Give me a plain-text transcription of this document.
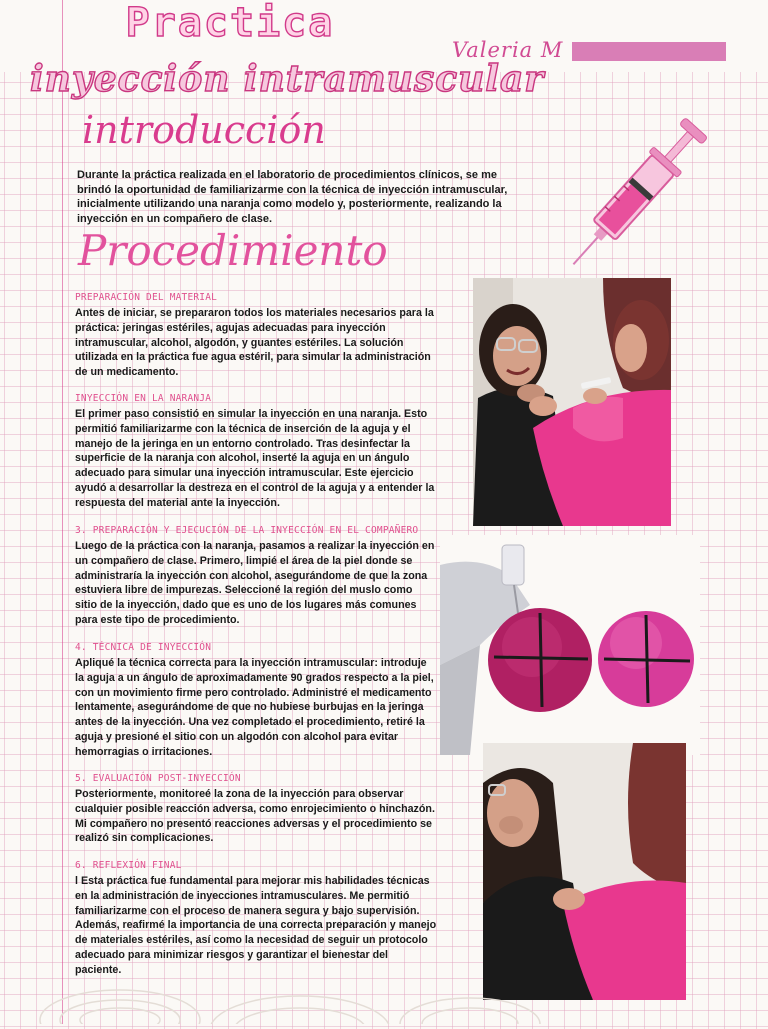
Practica
inyección intramuscular
Valeria M
introducción

Durante la práctica realizada en el laboratorio de procedimientos clínicos, se me brindó la oportunidad de familiarizarme con la técnica de inyección intramuscular, inicialmente utilizando una naranja como modelo y, posteriormente, realizando la inyección en un compañero de clase.

Procedimiento
PREPARACIÓN DEL MATERIAL

Antes de iniciar, se prepararon todos los materiales necesarios para la práctica: jeringas estériles, agujas adecuadas para inyección intramuscular, alcohol, algodón, y guantes estériles. La solución utilizada en la práctica fue agua estéril, para simular la administración de un medicamento.

INYECCIÓN EN LA NARANJA

El primer paso consistió en simular la inyección en una naranja. Esto permitió familiarizarme con la técnica de inserción de la aguja y el manejo de la jeringa en un entorno controlado. Tras desinfectar la superficie de la naranja con alcohol, inserté la aguja en un ángulo adecuado para simular una inyección intramuscular. Este ejercicio ayudó a desarrollar la destreza en el control de la aguja y a entender la respuesta del material ante la inyección.

3. PREPARACIÓN Y EJECUCIÓN DE LA INYECCIÓN EN EL COMPAÑERO

Luego de la práctica con la naranja, pasamos a realizar la inyección en un compañero de clase. Primero, limpié el área de la piel donde se administraría la inyección con alcohol, asegurándome de que la zona estuviera libre de impurezas. Seleccioné la región del muslo como sitio de la inyección, dado que es uno de los lugares más comunes para este tipo de procedimiento.

4. TÉCNICA DE INYECCIÓN

Apliqué la técnica correcta para la inyección intramuscular: introduje la aguja a un ángulo de aproximadamente 90 grados respecto a la piel, con un movimiento firme pero controlado. Administré el medicamento lentamente, asegurándome de que no hubiese burbujas en la jeringa antes de la inyección. Una vez completado el procedimiento, retiré la aguja y presioné el sitio con un algodón con alcohol para evitar hemorragias o irritaciones.

5. EVALUACIÓN POST-INYECCIÓN

Posteriormente, monitoreé la zona de la inyección para observar cualquier posible reacción adversa, como enrojecimiento o hinchazón. Mi compañero no presentó reacciones adversas y el procedimiento se realizó sin complicaciones.

6. REFLEXIÓN FINAL

l Esta práctica fue fundamental para mejorar mis habilidades técnicas en la administración de inyecciones intramusculares. Me permitió familiarizarme con el proceso de manera segura y bajo supervisión. Además, reafirmé la importancia de una correcta preparación y manejo de materiales estériles, así como la necesidad de seguir un protocolo adecuado para minimizar riesgos y garantizar el bienestar del paciente.
